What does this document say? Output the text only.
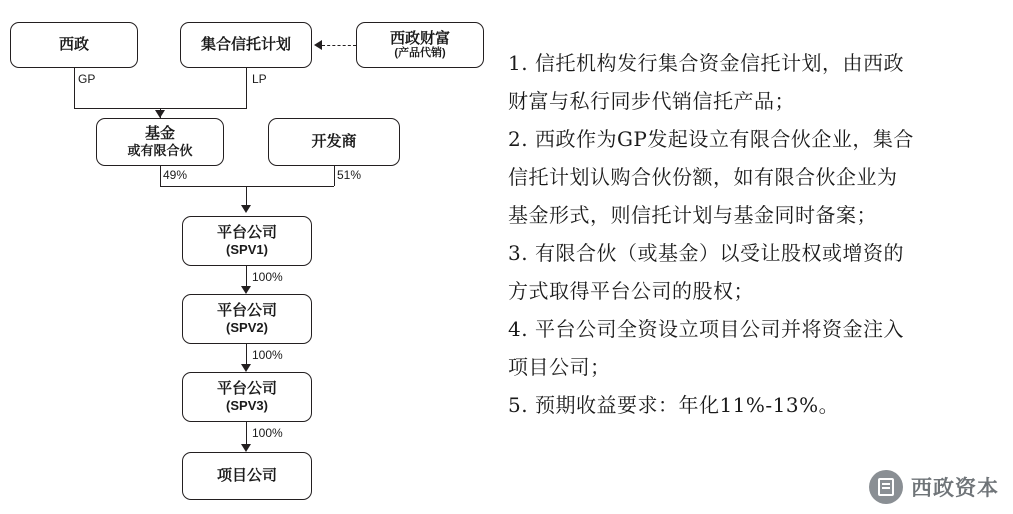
西政	集合信托计划	西政财富
(产品代销)
GP	LP
基金
或有限合伙
开发商
49%	51%
平台公司
(SPV1)
100%
平台公司
(SPV2)
100%
平台公司
(SPV3)
100%
项目公司
1. 信托机构发行集合资金信托计划，由西政
财富与私行同步代销信托产品；
2. 西政作为GP发起设立有限合伙企业，集合
信托计划认购合伙份额，如有限合伙企业为
基金形式，则信托计划与基金同时备案；
3. 有限合伙（或基金）以受让股权或增资的
方式取得平台公司的股权；
4. 平台公司全资设立项目公司并将资金注入
项目公司；
5. 预期收益要求：年化11%-13%。
西政资本
